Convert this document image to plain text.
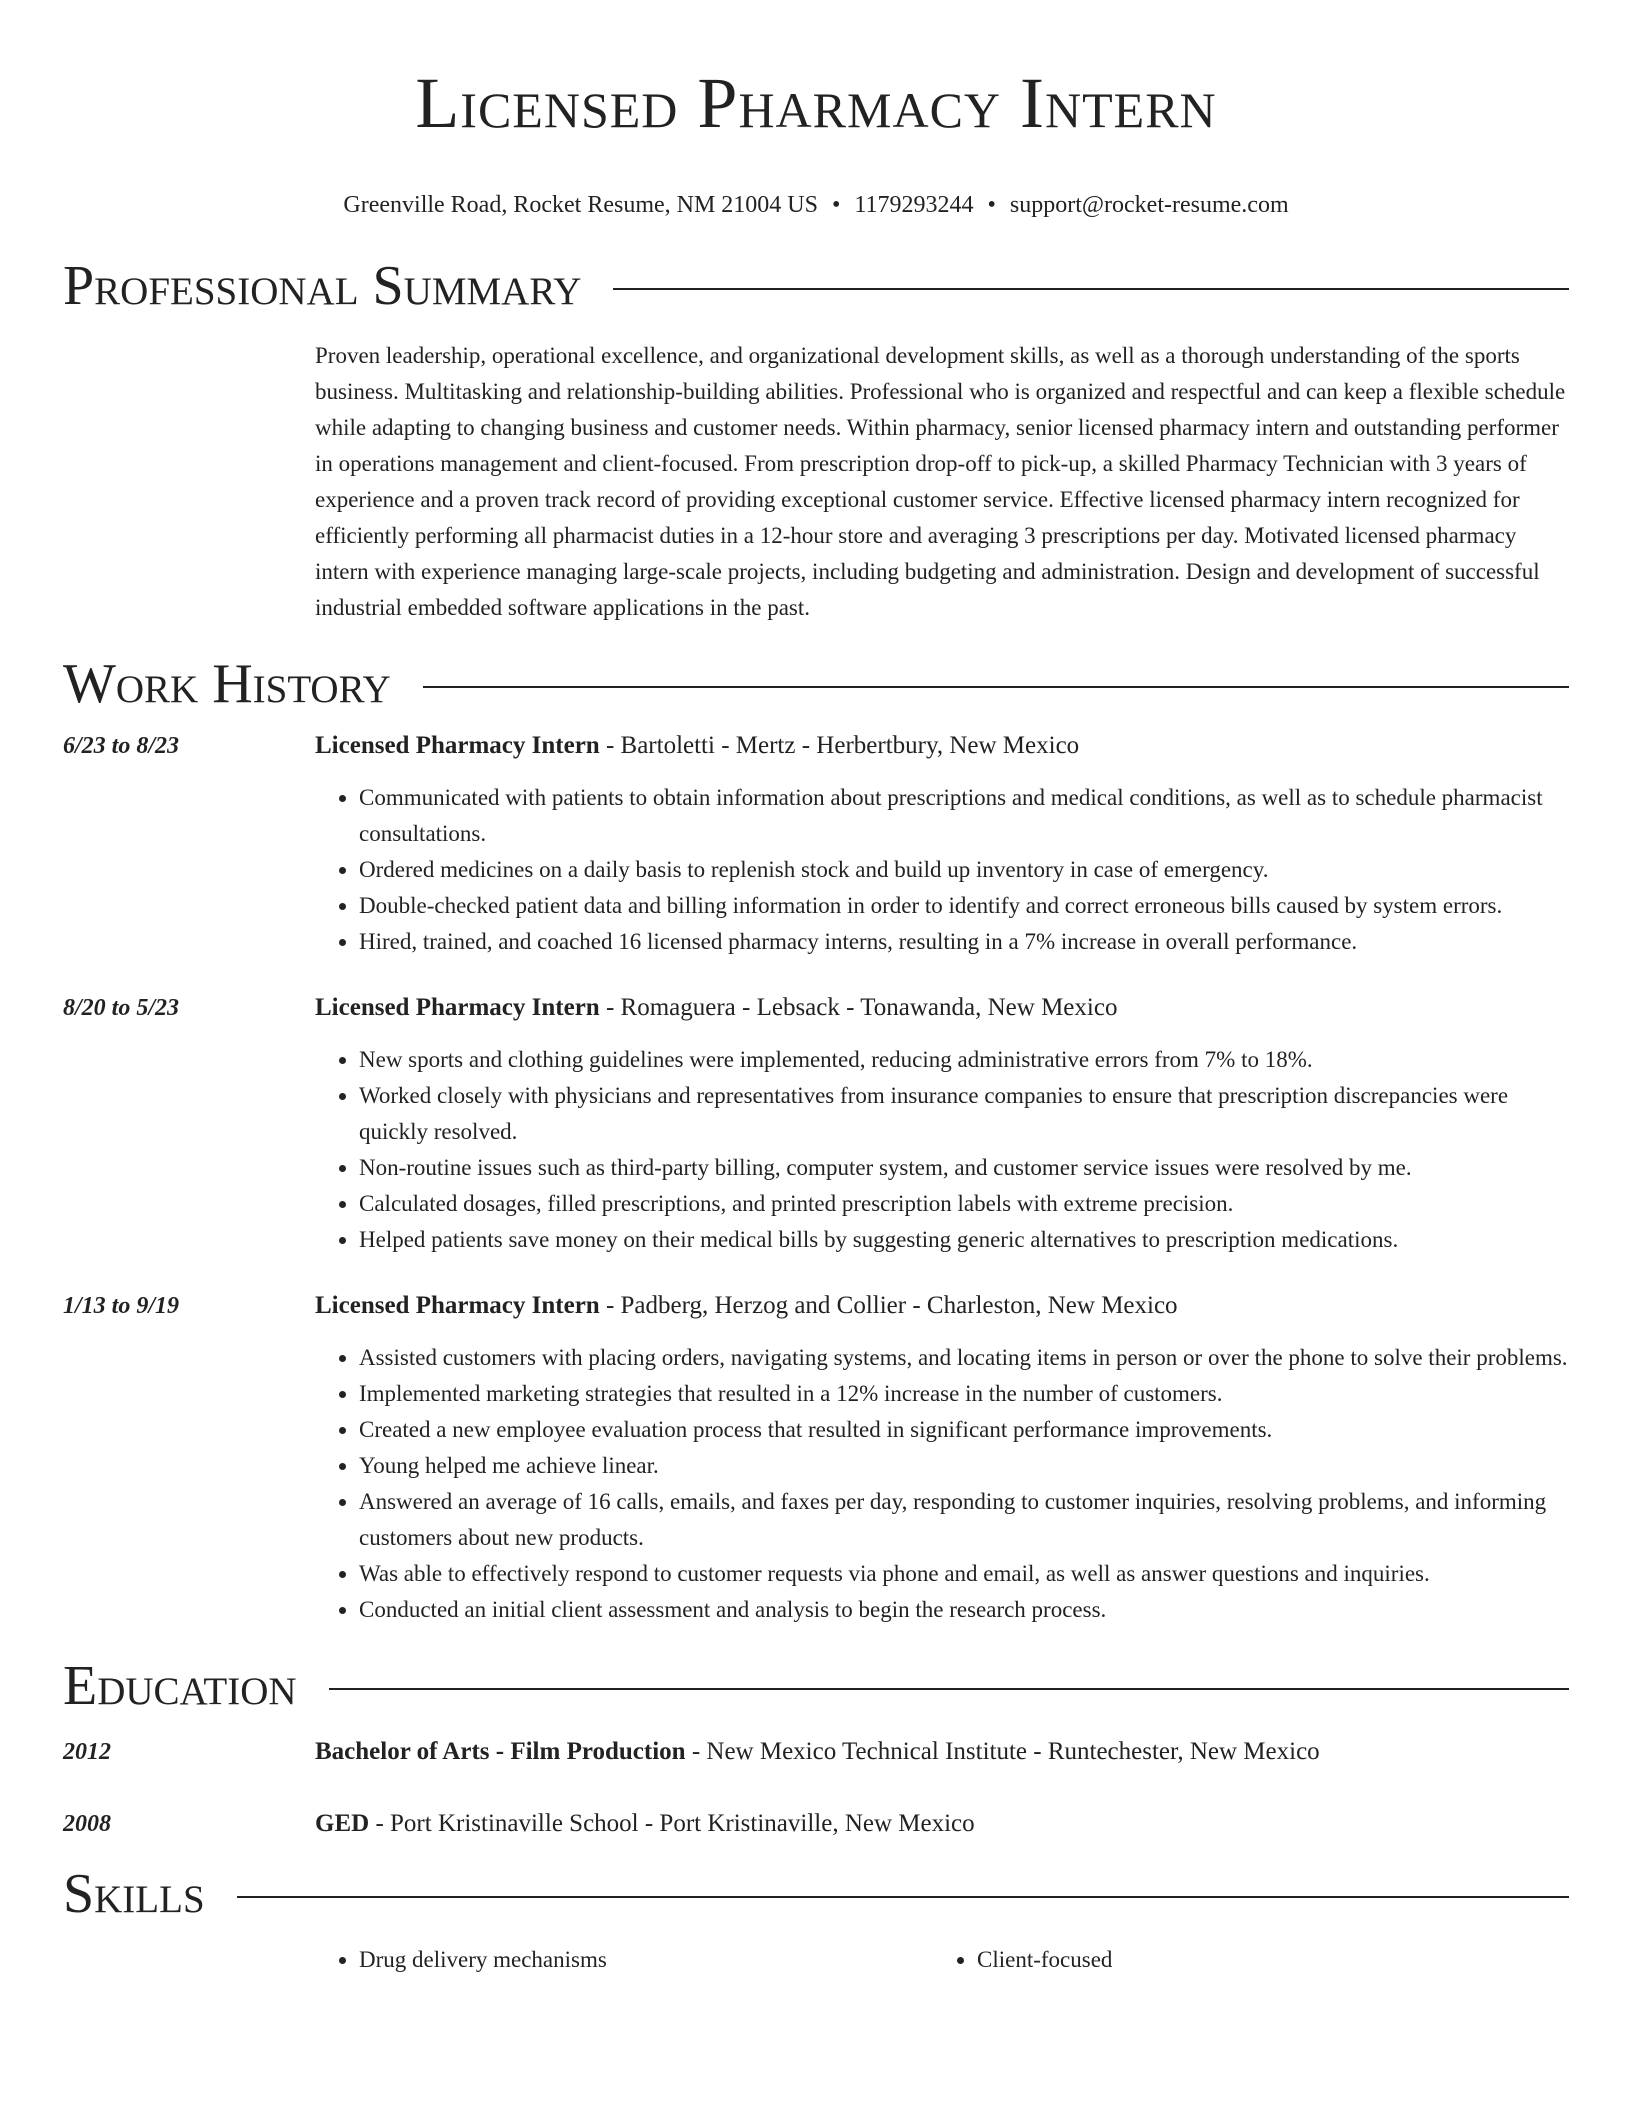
Licensed Pharmacy Intern
Greenville Road, Rocket Resume, NM 21004 US • 1179293244 • support@rocket-resume.com
Professional Summary
Proven leadership, operational excellence, and organizational development skills, as well as a thorough understanding of the sports business. Multitasking and relationship-building abilities. Professional who is organized and respectful and can keep a flexible schedule while adapting to changing business and customer needs. Within pharmacy, senior licensed pharmacy intern and outstanding performer in operations management and client-focused. From prescription drop-off to pick-up, a skilled Pharmacy Technician with 3 years of experience and a proven track record of providing exceptional customer service. Effective licensed pharmacy intern recognized for efficiently performing all pharmacist duties in a 12-hour store and averaging 3 prescriptions per day. Motivated licensed pharmacy intern with experience managing large-scale projects, including budgeting and administration. Design and development of successful industrial embedded software applications in the past.
Work History
6/23 to 8/23	Licensed Pharmacy Intern - Bartoletti - Mertz - Herbertbury, New Mexico
• Communicated with patients to obtain information about prescriptions and medical conditions, as well as to schedule pharmacist consultations.
• Ordered medicines on a daily basis to replenish stock and build up inventory in case of emergency.
• Double-checked patient data and billing information in order to identify and correct erroneous bills caused by system errors.
• Hired, trained, and coached 16 licensed pharmacy interns, resulting in a 7% increase in overall performance.
8/20 to 5/23	Licensed Pharmacy Intern - Romaguera - Lebsack - Tonawanda, New Mexico
• New sports and clothing guidelines were implemented, reducing administrative errors from 7% to 18%.
• Worked closely with physicians and representatives from insurance companies to ensure that prescription discrepancies were quickly resolved.
• Non-routine issues such as third-party billing, computer system, and customer service issues were resolved by me.
• Calculated dosages, filled prescriptions, and printed prescription labels with extreme precision.
• Helped patients save money on their medical bills by suggesting generic alternatives to prescription medications.
1/13 to 9/19	Licensed Pharmacy Intern - Padberg, Herzog and Collier - Charleston, New Mexico
• Assisted customers with placing orders, navigating systems, and locating items in person or over the phone to solve their problems.
• Implemented marketing strategies that resulted in a 12% increase in the number of customers.
• Created a new employee evaluation process that resulted in significant performance improvements.
• Young helped me achieve linear.
• Answered an average of 16 calls, emails, and faxes per day, responding to customer inquiries, resolving problems, and informing customers about new products.
• Was able to effectively respond to customer requests via phone and email, as well as answer questions and inquiries.
• Conducted an initial client assessment and analysis to begin the research process.
Education
2012	Bachelor of Arts - Film Production - New Mexico Technical Institute - Runtechester, New Mexico
2008	GED - Port Kristinaville School - Port Kristinaville, New Mexico
Skills
• Drug delivery mechanisms
•	Client-focused
